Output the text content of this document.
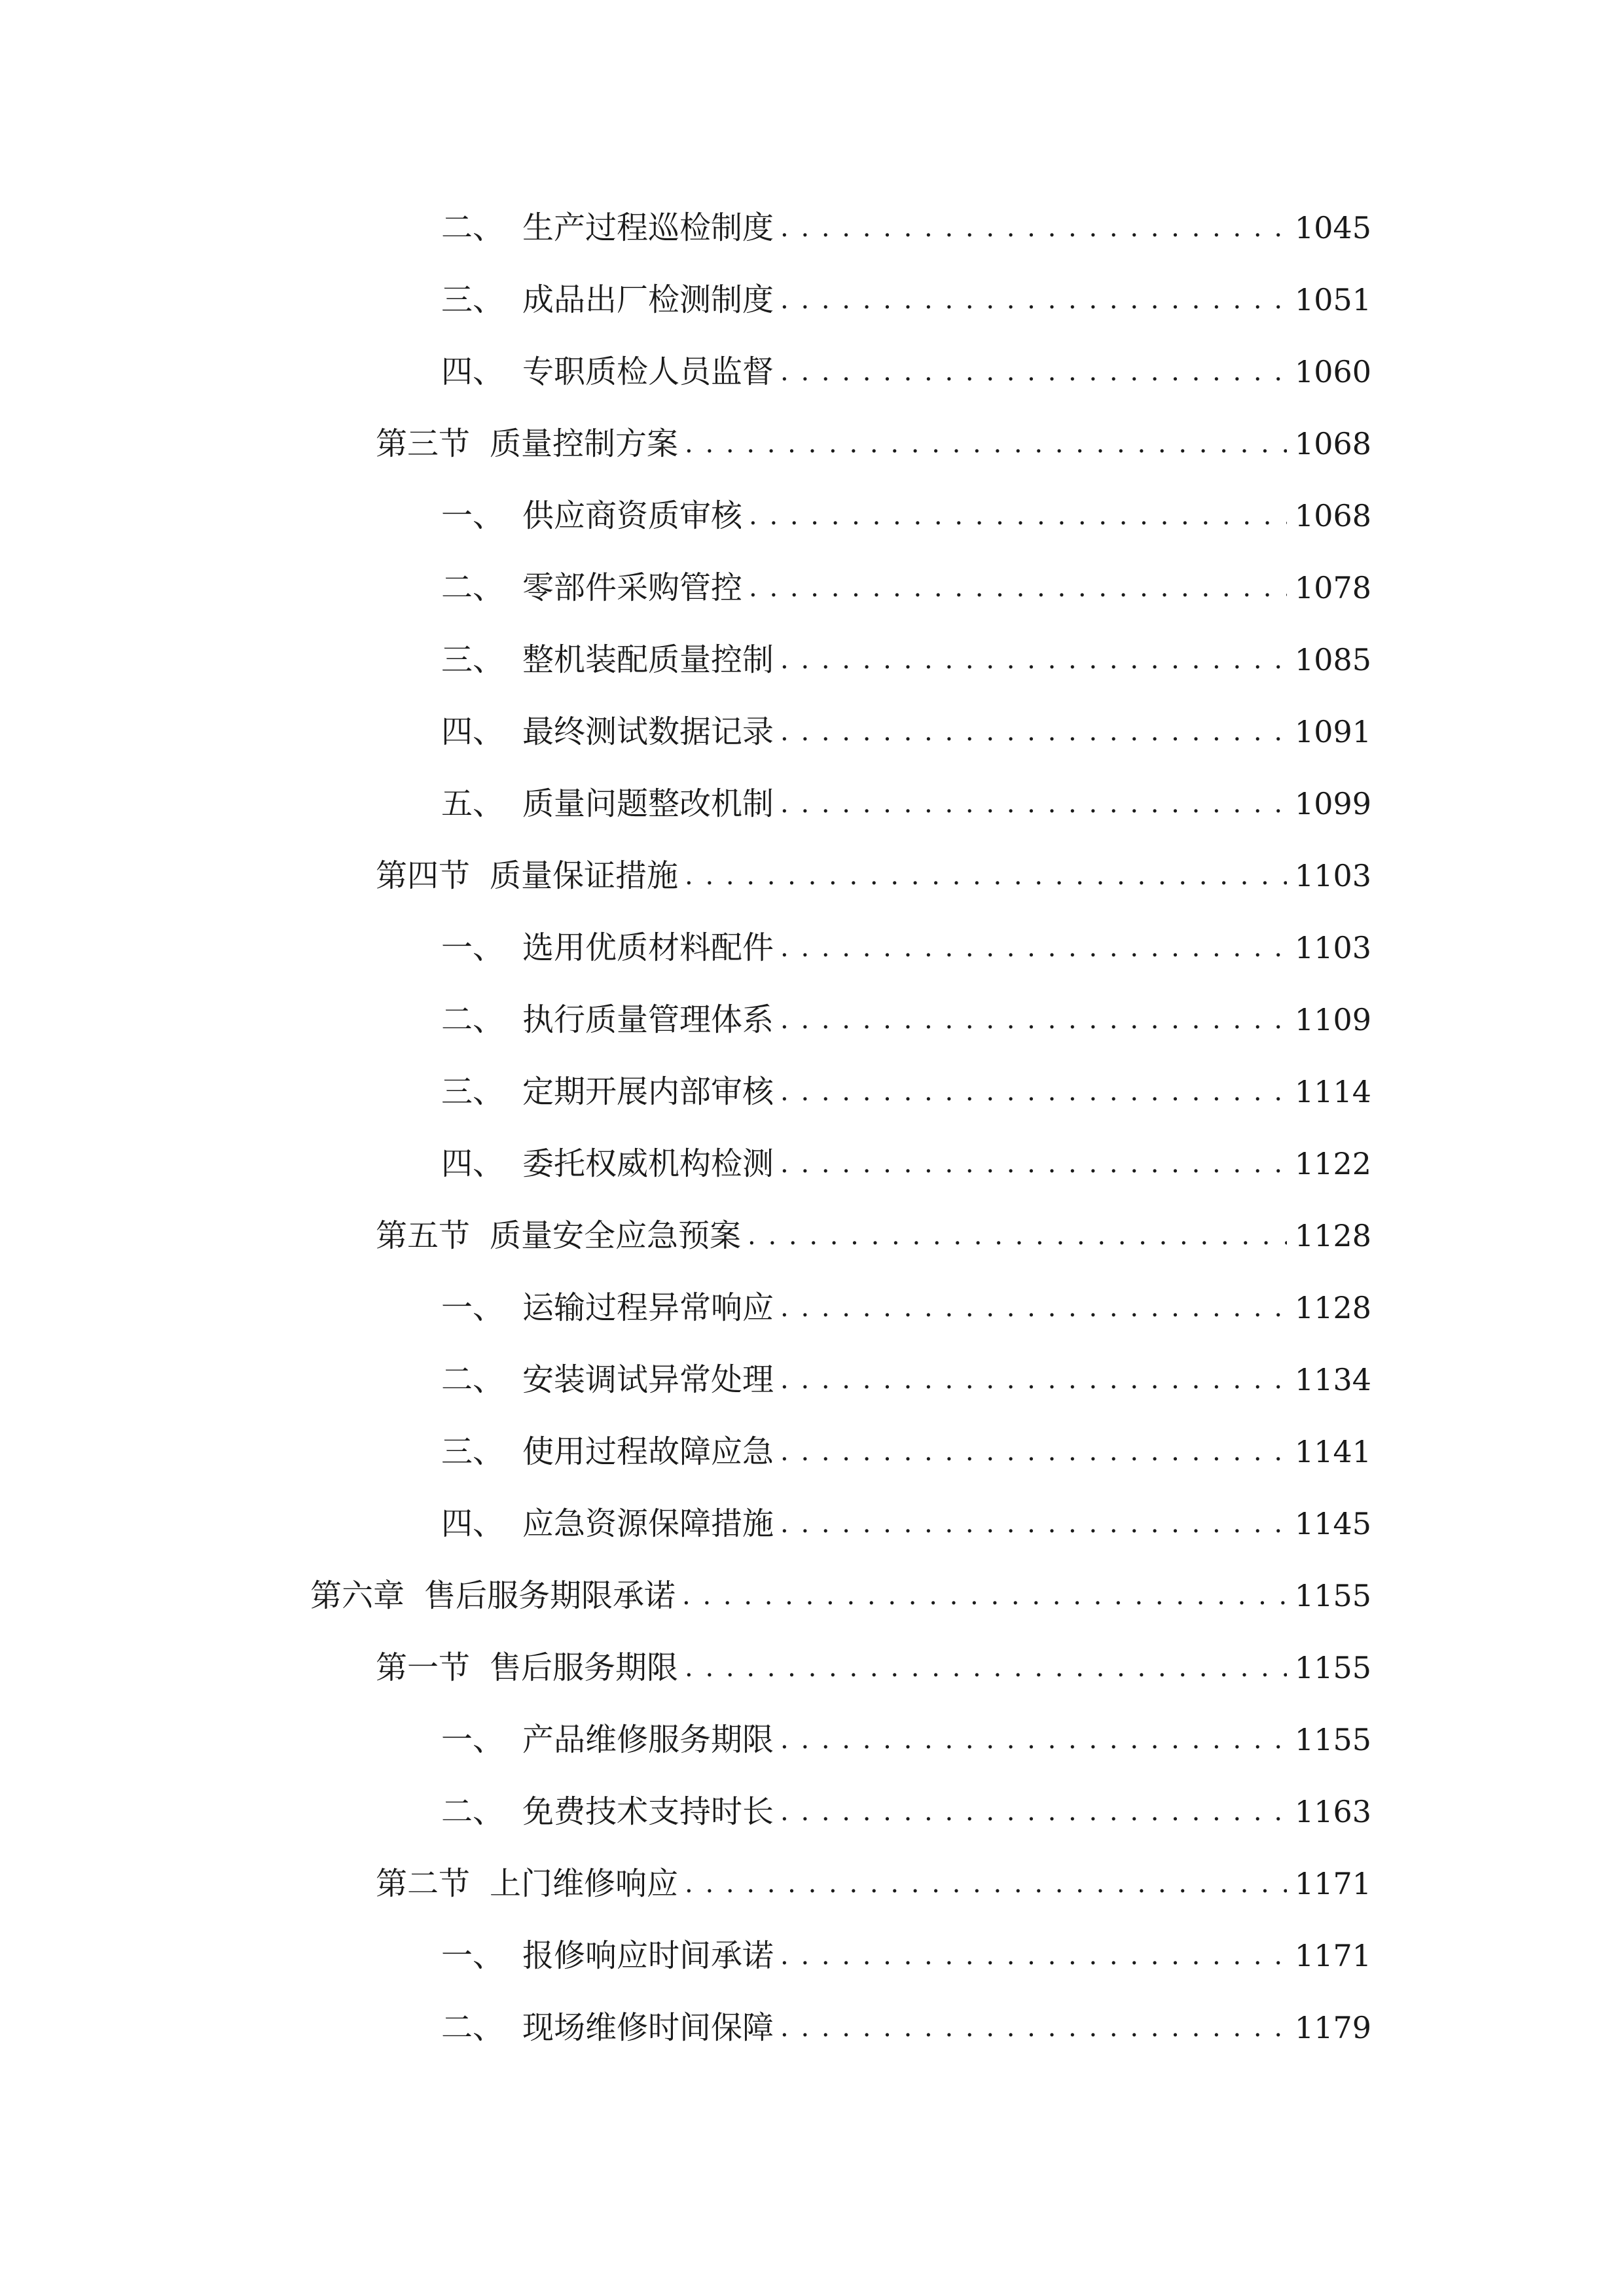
二、 生产过程巡检制度 . . .	1045
三、 成品出厂检测制度 . . .	1051
四、 专职质检人员监督 . . .	1060
第三节 质量控制方案 . . .	1068
一、 供应商资质审核 . . .	1068
二、 零部件采购管控 . . .	1078
三、 整机装配质量控制 . . .	1085
四、 最终测试数据记录 . . .	1091
五、 质量问题整改机制 . . .	1099
第四节 质量保证措施 . . .	1103
一、 选用优质材料配件 . . .	1103
二、 执行质量管理体系 . . .	1109
三、 定期开展内部审核 . . .	1114
四、 委托权威机构检测 . . .	1122
第五节 质量安全应急预案 . . .	1128
一、 运输过程异常响应 . . .	1128
二、 安装调试异常处理 . . .	1134
三、 使用过程故障应急 . . .	1141
四、 应急资源保障措施 . . .	1145
第六章 售后服务期限承诺 . . .	1155
第一节 售后服务期限 . . .	1155
一、 产品维修服务期限 . . .	1155
二、 免费技术支持时长 . . .	1163
第二节 上门维修响应 . . .	1171
一、 报修响应时间承诺 . . .	1171
二、 现场维修时间保障 . . .	1179
